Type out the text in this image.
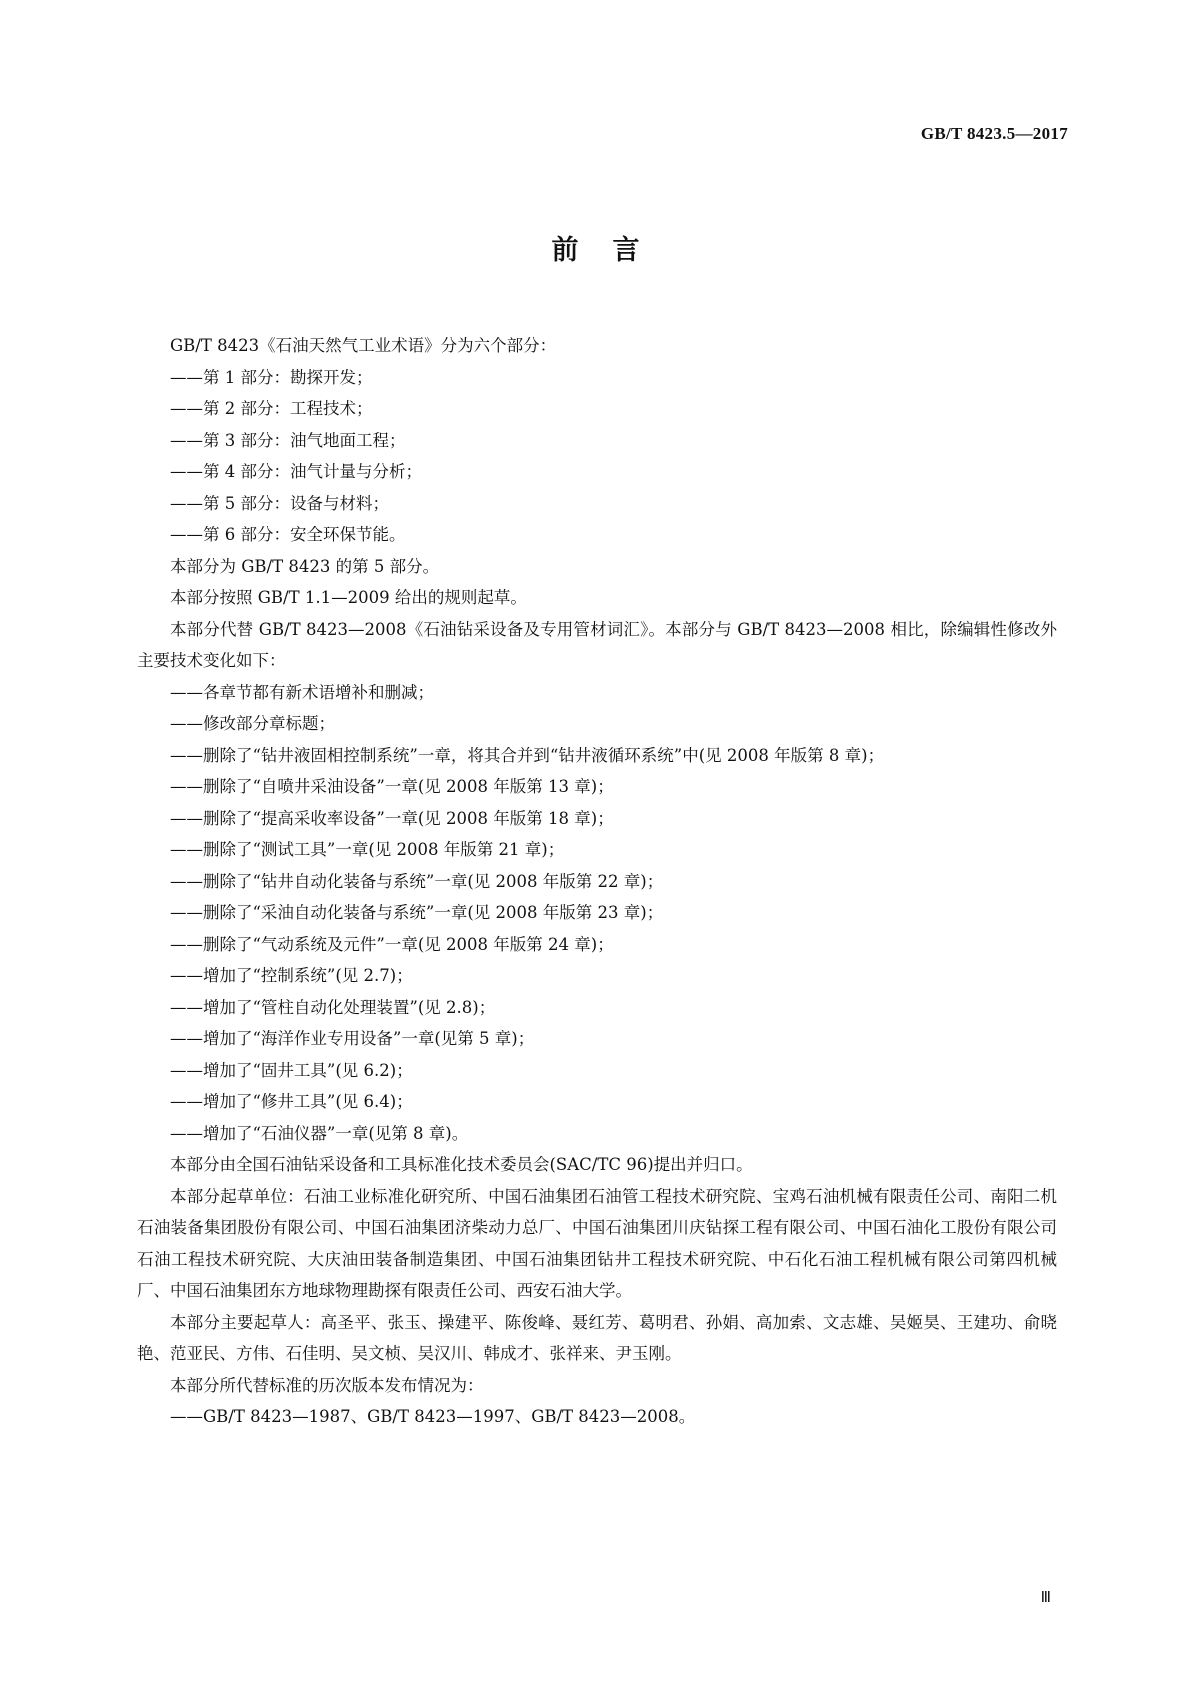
GB/T 8423.5—2017
前言

GB/T 8423《石油天然气工业术语》分为六个部分：

——第 1 部分：勘探开发；

——第 2 部分：工程技术；

——第 3 部分：油气地面工程；

——第 4 部分：油气计量与分析；

——第 5 部分：设备与材料；

——第 6 部分：安全环保节能。

本部分为 GB/T 8423 的第 5 部分。

本部分按照 GB/T 1.1—2009 给出的规则起草。

本部分代替 GB/T 8423—2008《石油钻采设备及专用管材词汇》。本部分与 GB/T 8423—2008 相比，除编辑性修改外主要技术变化如下：

——各章节都有新术语增补和删减；

——修改部分章标题；

——删除了“钻井液固相控制系统”一章，将其合并到“钻井液循环系统”中(见 2008 年版第 8 章)；

——删除了“自喷井采油设备”一章(见 2008 年版第 13 章)；

——删除了“提高采收率设备”一章(见 2008 年版第 18 章)；

——删除了“测试工具”一章(见 2008 年版第 21 章)；

——删除了“钻井自动化装备与系统”一章(见 2008 年版第 22 章)；

——删除了“采油自动化装备与系统”一章(见 2008 年版第 23 章)；

——删除了“气动系统及元件”一章(见 2008 年版第 24 章)；

——增加了“控制系统”(见 2.7)；

——增加了“管柱自动化处理装置”(见 2.8)；

——增加了“海洋作业专用设备”一章(见第 5 章)；

——增加了“固井工具”(见 6.2)；

——增加了“修井工具”(见 6.4)；

——增加了“石油仪器”一章(见第 8 章)。

本部分由全国石油钻采设备和工具标准化技术委员会(SAC/TC 96)提出并归口。

本部分起草单位：石油工业标准化研究所、中国石油集团石油管工程技术研究院、宝鸡石油机械有限责任公司、南阳二机石油装备集团股份有限公司、中国石油集团济柴动力总厂、中国石油集团川庆钻探工程有限公司、中国石油化工股份有限公司石油工程技术研究院、大庆油田装备制造集团、中国石油集团钻井工程技术研究院、中石化石油工程机械有限公司第四机械厂、中国石油集团东方地球物理勘探有限责任公司、西安石油大学。

本部分主要起草人：高圣平、张玉、操建平、陈俊峰、聂红芳、葛明君、孙娟、高加索、文志雄、吴姬昊、王建功、俞晓艳、范亚民、方伟、石佳明、吴文桢、吴汉川、韩成才、张祥来、尹玉刚。

本部分所代替标准的历次版本发布情况为：

——GB/T 8423—1987、GB/T 8423—1997、GB/T 8423—2008。

Ⅲ
